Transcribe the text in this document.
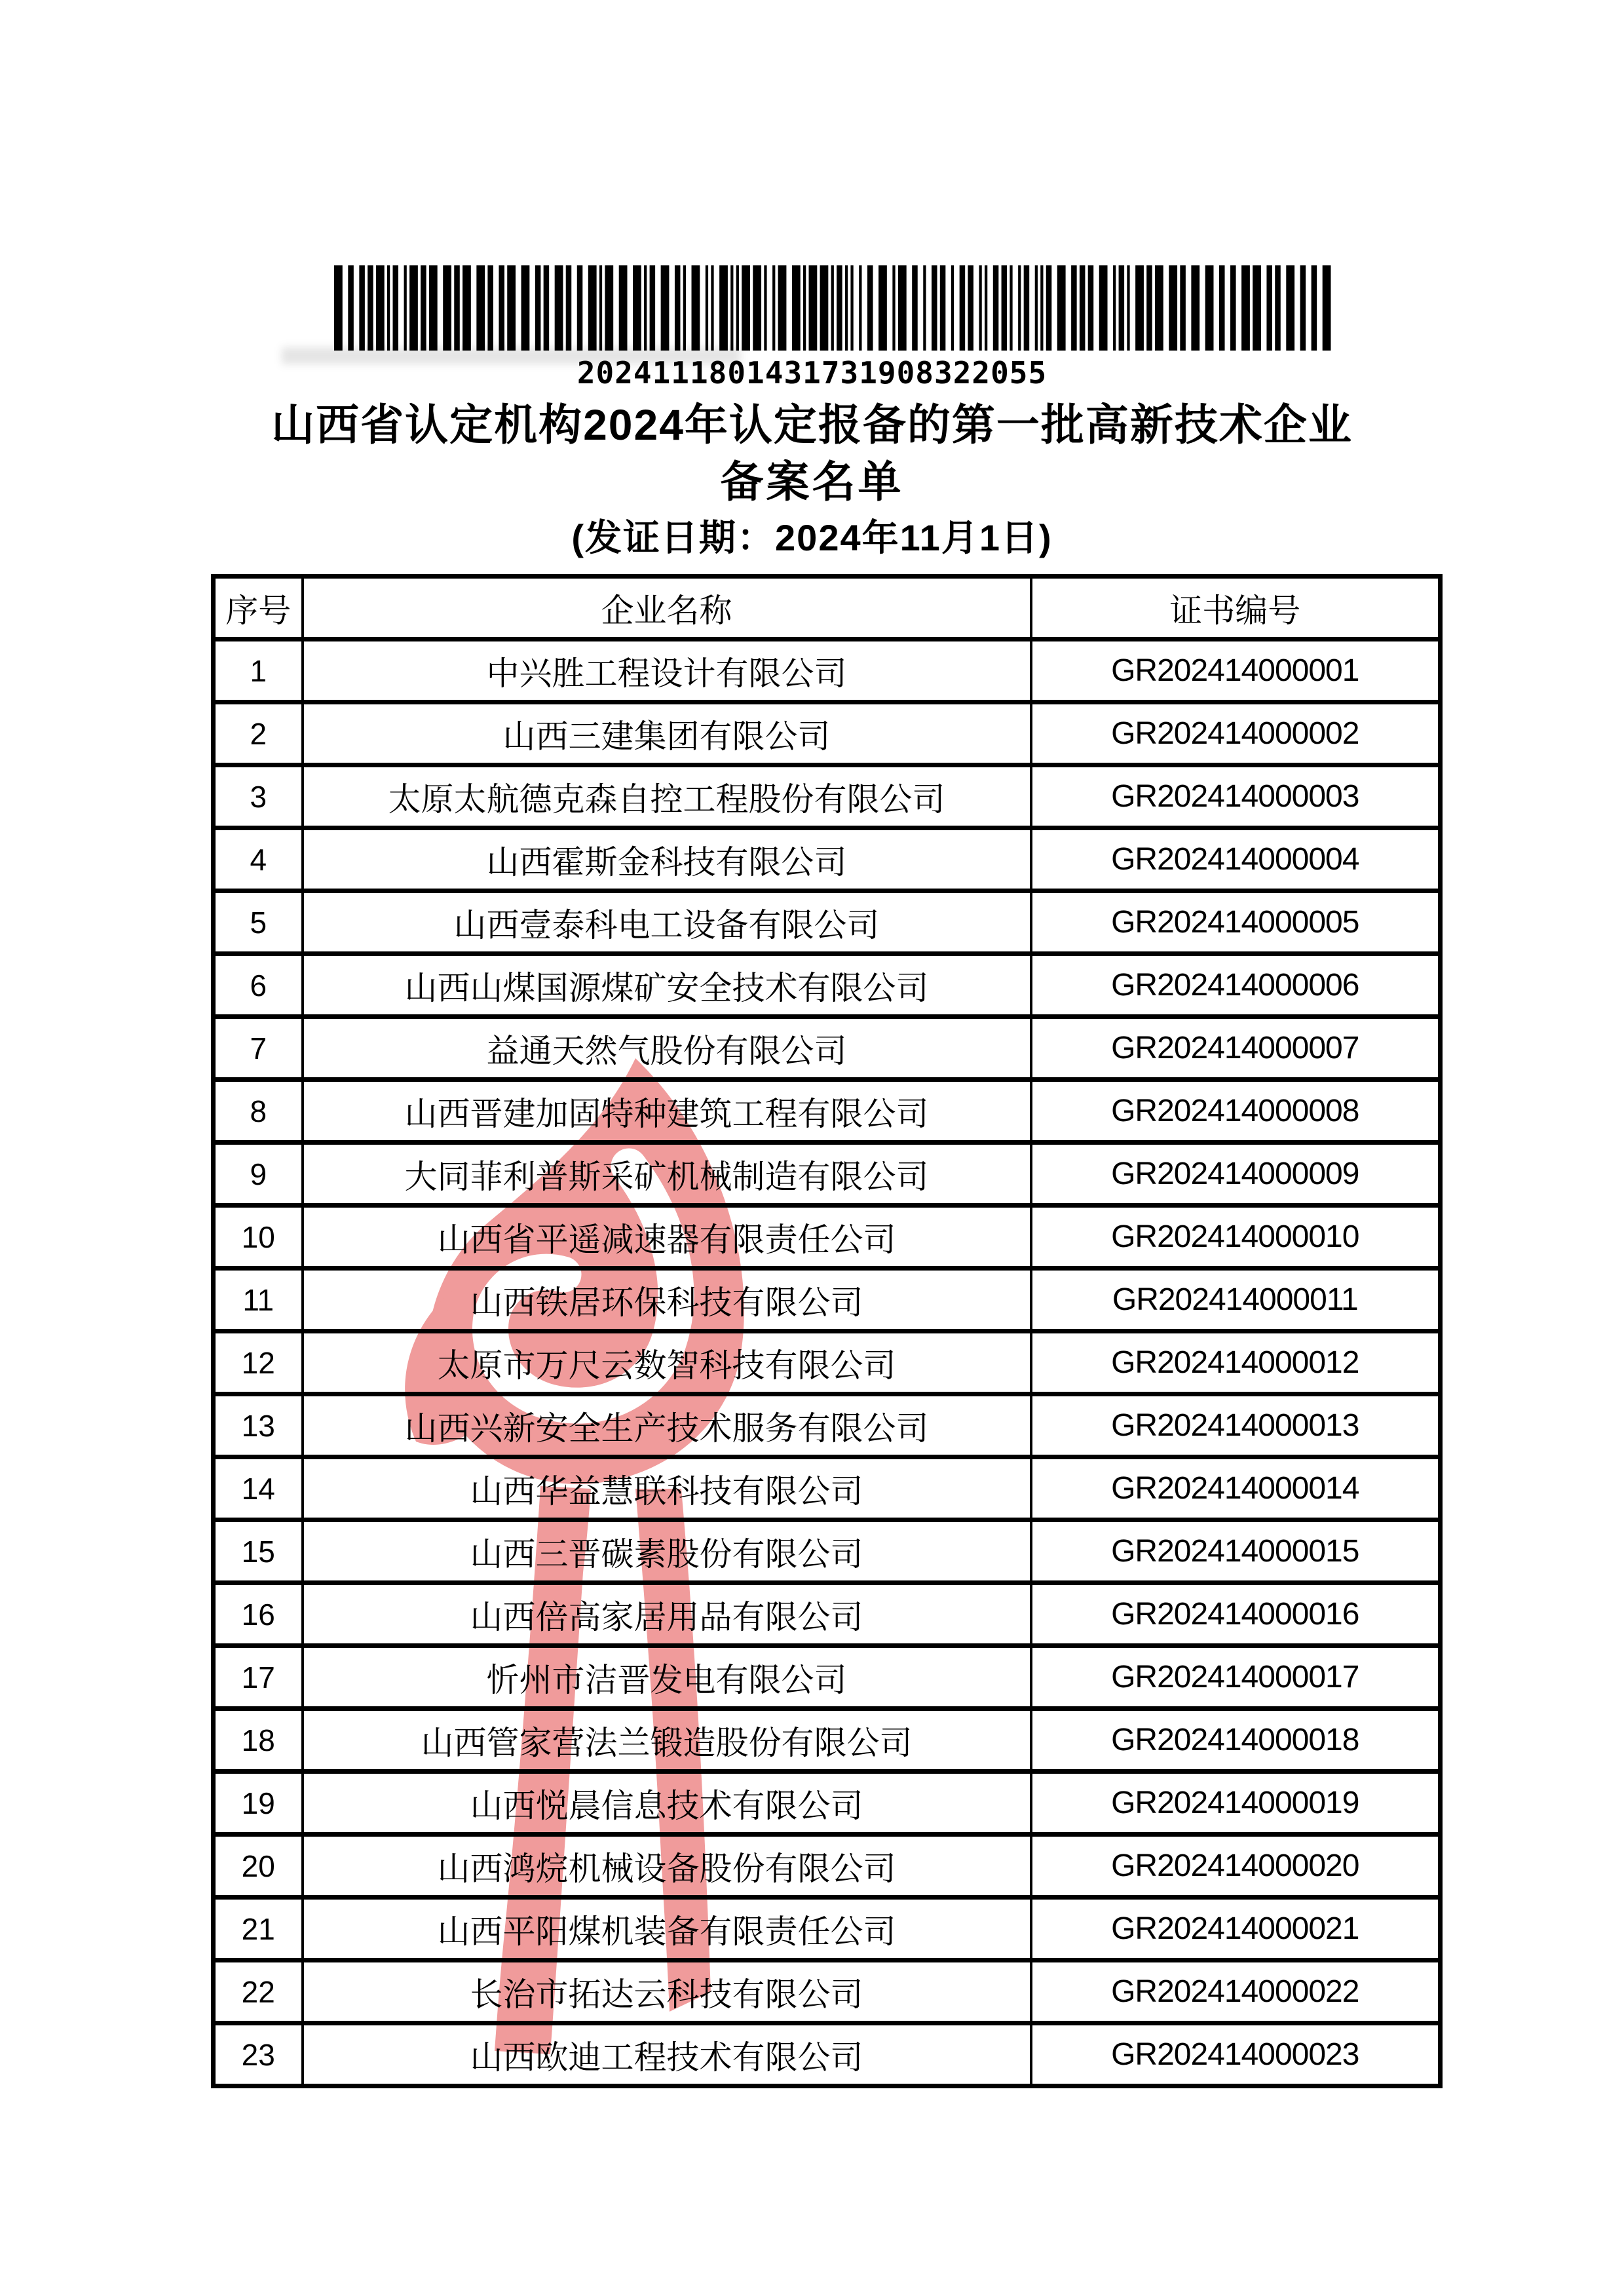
2024111801431731908322055
山西省认定机构2024年认定报备的第一批高新技术企业
备案名单
(发证日期：2024年11月1日)
序号	企业名称	证书编号
1	中兴胜工程设计有限公司	GR202414000001
2	山西三建集团有限公司	GR202414000002
3	太原太航德克森自控工程股份有限公司	GR202414000003
4	山西霍斯金科技有限公司	GR202414000004
5	山西壹泰科电工设备有限公司	GR202414000005
6	山西山煤国源煤矿安全技术有限公司	GR202414000006
7	益通天然气股份有限公司	GR202414000007
8	山西晋建加固特种建筑工程有限公司	GR202414000008
9	大同菲利普斯采矿机械制造有限公司	GR202414000009
10	山西省平遥减速器有限责任公司	GR202414000010
11	山西铁居环保科技有限公司	GR202414000011
12	太原市万尺云数智科技有限公司	GR202414000012
13	山西兴新安全生产技术服务有限公司	GR202414000013
14	山西华益慧联科技有限公司	GR202414000014
15	山西三晋碳素股份有限公司	GR202414000015
16	山西倍高家居用品有限公司	GR202414000016
17	忻州市洁晋发电有限公司	GR202414000017
18	山西管家营法兰锻造股份有限公司	GR202414000018
19	山西悦晨信息技术有限公司	GR202414000019
20	山西鸿烷机械设备股份有限公司	GR202414000020
21	山西平阳煤机装备有限责任公司	GR202414000021
22	长治市拓达云科技有限公司	GR202414000022
23	山西欧迪工程技术有限公司	GR202414000023
